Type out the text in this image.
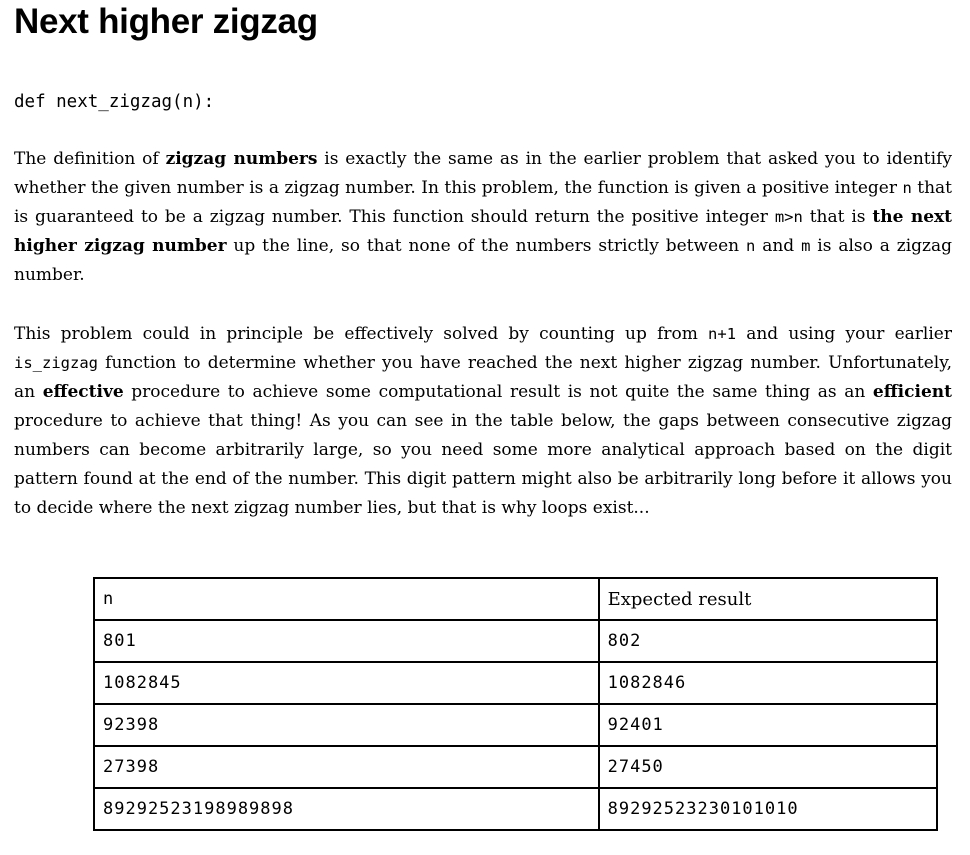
Next higher zigzag
def next_zigzag(n):

The definition of zigzag numbers is exactly the same as in the earlier problem that asked you to identify whether the given number is a zigzag number. In this problem, the function is given a positive integer n that is guaranteed to be a zigzag number. This function should return the positive integer m>n that is the next higher zigzag number up the line, so that none of the numbers strictly between n and m is also a zigzag number.

This problem could in principle be effectively solved by counting up from n+1 and using your earlier is_zigzag function to determine whether you have reached the next higher zigzag number. Unfortunately, an effective procedure to achieve some computational result is not quite the same thing as an efficient procedure to achieve that thing! As you can see in the table below, the gaps between consecutive zigzag numbers can become arbitrarily large, so you need some more analytical approach based on the digit pattern found at the end of the number. This digit pattern might also be arbitrarily long before it allows you to decide where the next zigzag number lies, but that is why loops exist...

n	Expected result
801	802
1082845	1082846
92398	92401
27398	27450
89292523198989898	89292523230101010
